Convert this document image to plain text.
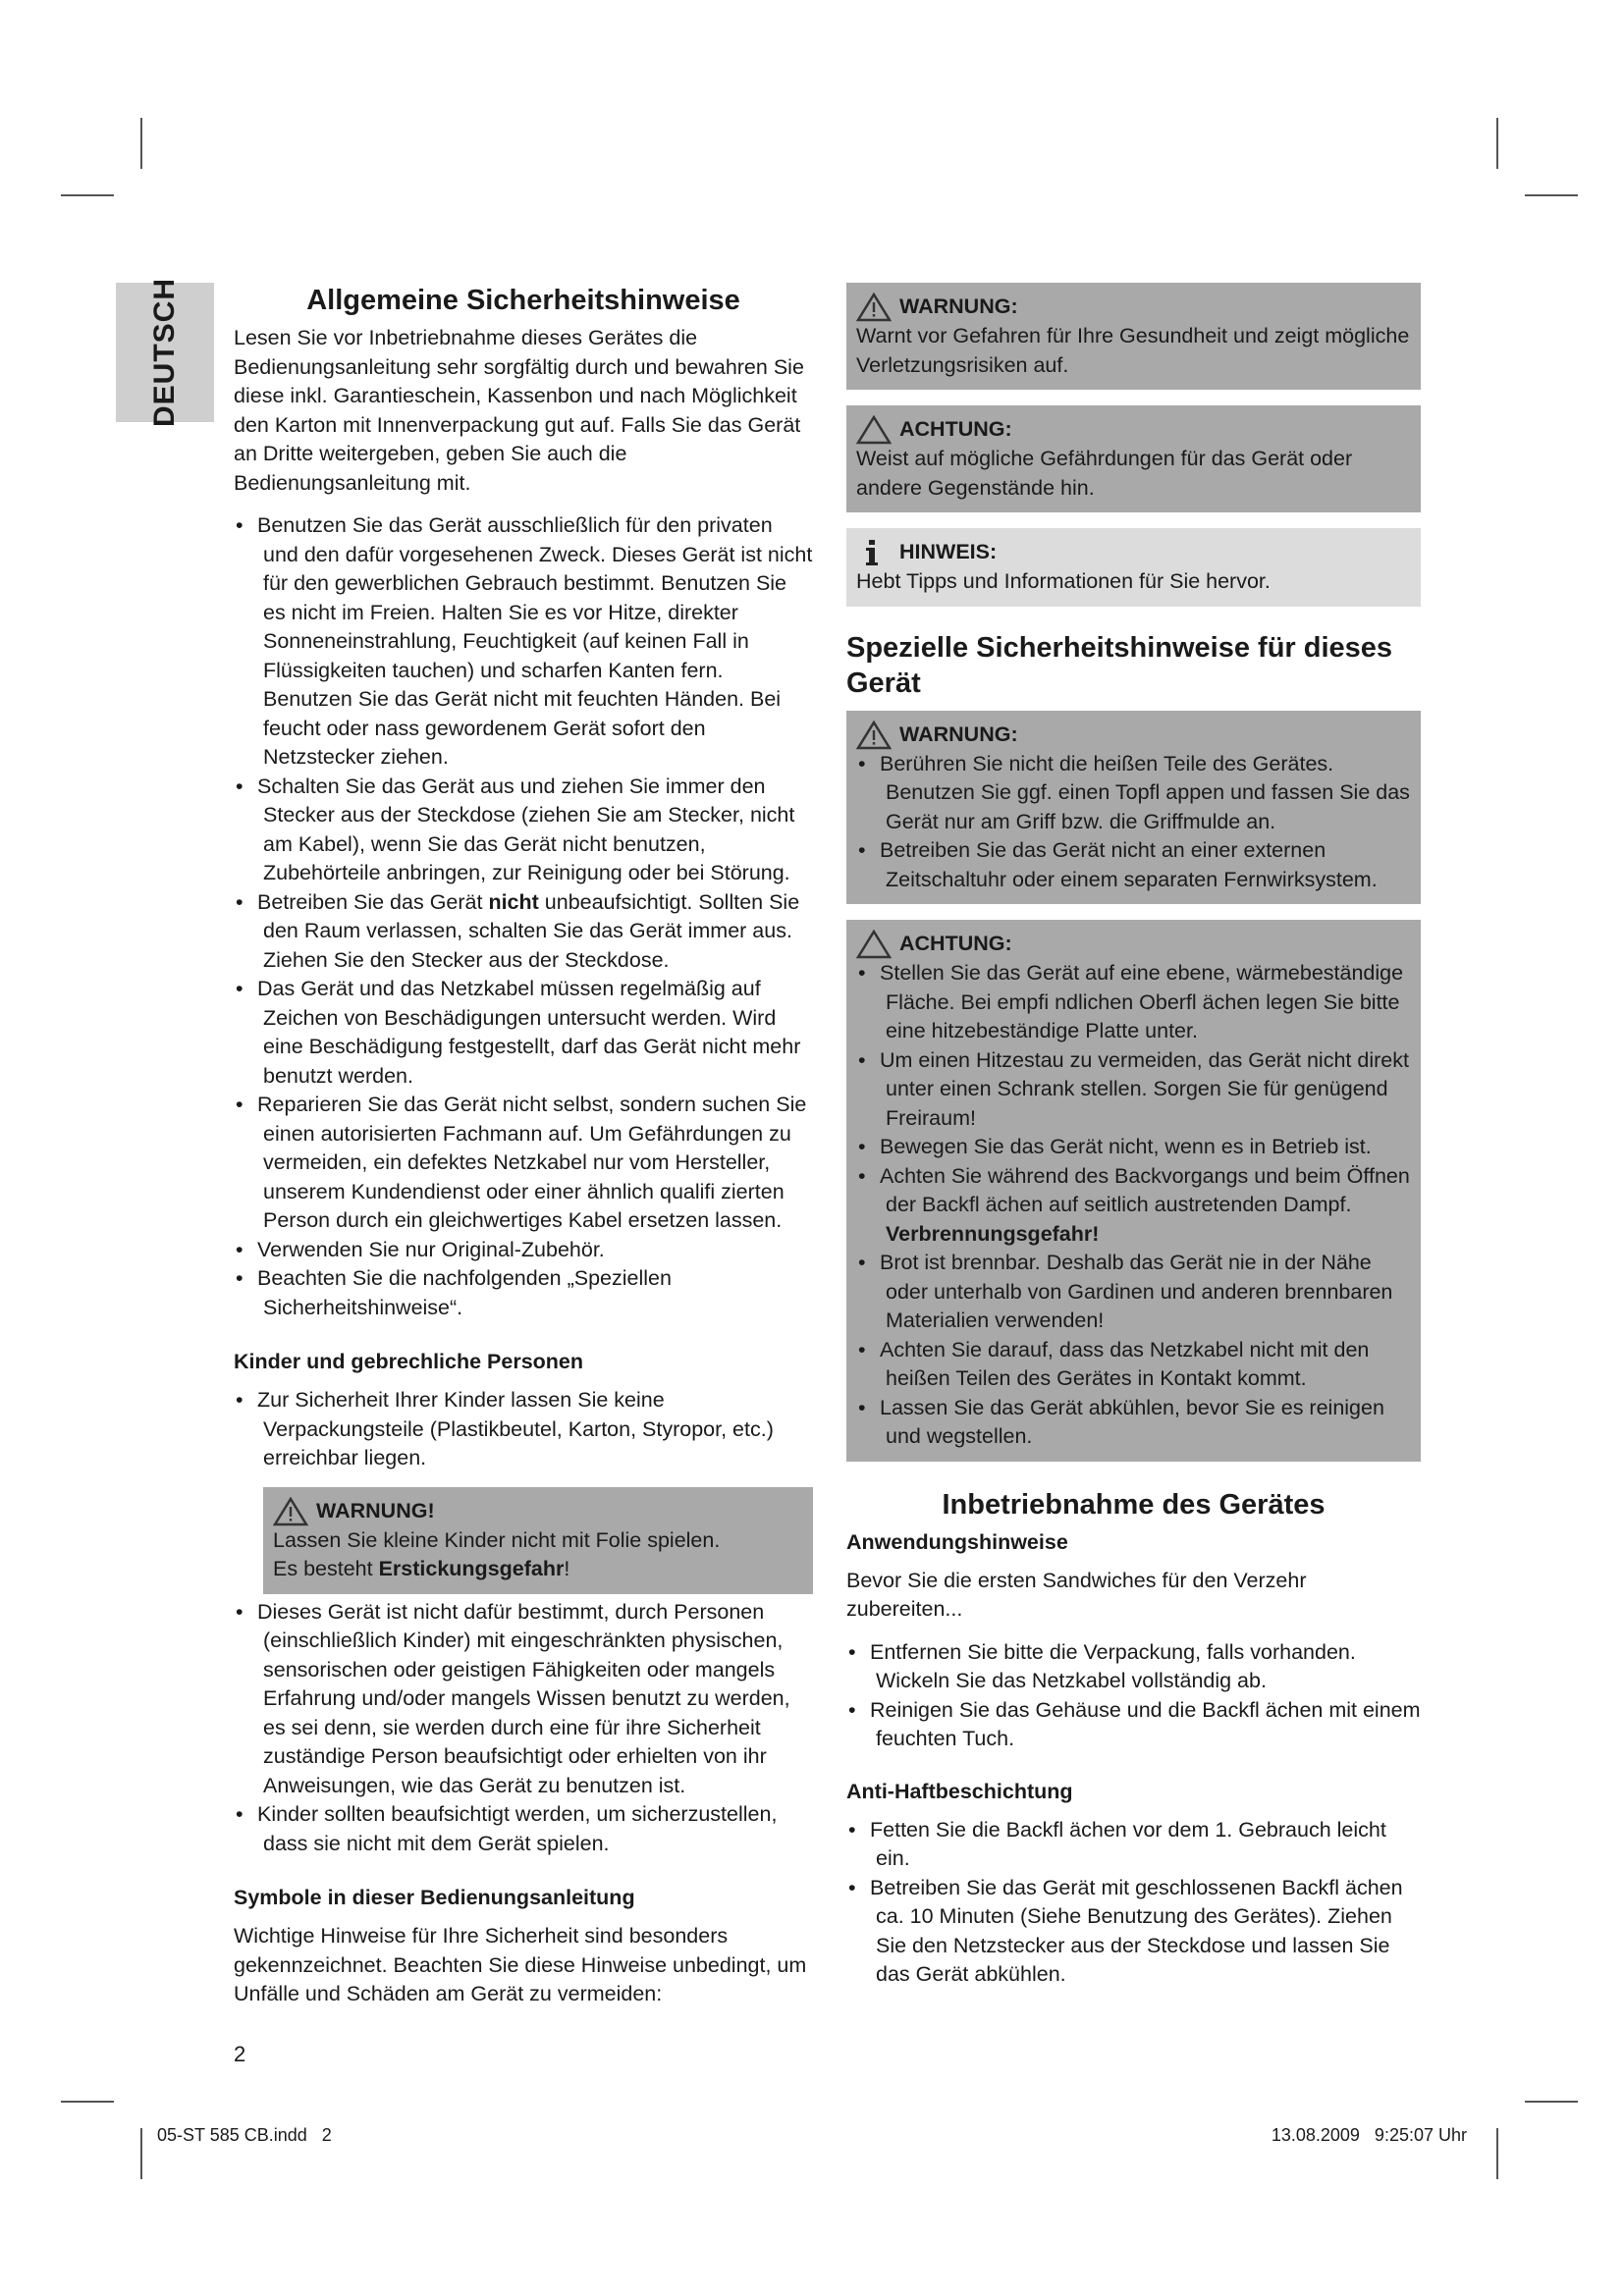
DEUTSCH	Allgemeine Sicherheitshinweise

Lesen Sie vor Inbetriebnahme dieses Gerätes die Bedienungsanleitung sehr sorgfältig durch und bewahren Sie diese inkl. Garantieschein, Kassenbon und nach Möglichkeit den Karton mit Innenverpackung gut auf. Falls Sie das Gerät an Dritte weitergeben, geben Sie auch die Bedienungsanleitung mit.

• Benutzen Sie das Gerät ausschließlich für den privaten und den dafür vorgesehenen Zweck. Dieses Gerät ist nicht für den gewerblichen Gebrauch bestimmt. Benutzen Sie es nicht im Freien. Halten Sie es vor Hitze, direkter Sonneneinstrahlung, Feuchtigkeit (auf keinen Fall in Flüssigkeiten tauchen) und scharfen Kanten fern. Benutzen Sie das Gerät nicht mit feuchten Händen. Bei feucht oder nass gewordenem Gerät sofort den Netzstecker ziehen.
• Schalten Sie das Gerät aus und ziehen Sie immer den Stecker aus der Steckdose (ziehen Sie am Stecker, nicht am Kabel), wenn Sie das Gerät nicht benutzen, Zubehörteile anbringen, zur Reinigung oder bei Störung.
• Betreiben Sie das Gerät nicht unbeaufsichtigt. Sollten Sie den Raum verlassen, schalten Sie das Gerät immer aus. Ziehen Sie den Stecker aus der Steckdose.
• Das Gerät und das Netzkabel müssen regelmäßig auf Zeichen von Beschädigungen untersucht werden. Wird eine Beschädigung festgestellt, darf das Gerät nicht mehr benutzt werden.
• Reparieren Sie das Gerät nicht selbst, sondern suchen Sie einen autorisierten Fachmann auf. Um Gefährdungen zu vermeiden, ein defektes Netzkabel nur vom Hersteller, unserem Kundendienst oder einer ähnlich qualifi zierten Person durch ein gleichwertiges Kabel ersetzen lassen.
• Verwenden Sie nur Original-Zubehör.
• Beachten Sie die nachfolgenden „Speziellen Sicherheitshinweise“.
Kinder und gebrechliche Personen
• Zur Sicherheit Ihrer Kinder lassen Sie keine Verpackungsteile (Plastikbeutel, Karton, Styropor, etc.) erreichbar liegen.
WARNUNG!

Lassen Sie kleine Kinder nicht mit Folie spielen.

Es besteht Erstickungsgefahr!

• Dieses Gerät ist nicht dafür bestimmt, durch Personen (einschließlich Kinder) mit eingeschränkten physischen, sensorischen oder geistigen Fähigkeiten oder mangels Erfahrung und/oder mangels Wissen benutzt zu werden, es sei denn, sie werden durch eine für ihre Sicherheit zuständige Person beaufsichtigt oder erhielten von ihr Anweisungen, wie das Gerät zu benutzen ist.
• Kinder sollten beaufsichtigt werden, um sicherzustellen, dass sie nicht mit dem Gerät spielen.
Symbole in dieser Bedienungsanleitung

Wichtige Hinweise für Ihre Sicherheit sind besonders gekennzeichnet. Beachten Sie diese Hinweise unbedingt, um Unfälle und Schäden am Gerät zu vermeiden:

WARNUNG:

Warnt vor Gefahren für Ihre Gesundheit und zeigt mögliche Verletzungsrisiken auf.

ACHTUNG:

Weist auf mögliche Gefährdungen für das Gerät oder andere Gegenstände hin.

HINWEIS:

Hebt Tipps und Informationen für Sie hervor.

Spezielle Sicherheitshinweise für dieses Gerät
WARNUNG:
• Berühren Sie nicht die heißen Teile des Gerätes. Benutzen Sie ggf. einen Topfl appen und fassen Sie das Gerät nur am Griff bzw. die Griffmulde an.
• Betreiben Sie das Gerät nicht an einer externen Zeitschaltuhr oder einem separaten Fernwirksystem.
ACHTUNG:
• Stellen Sie das Gerät auf eine ebene, wärmebeständige Fläche. Bei empfi ndlichen Oberfl ächen legen Sie bitte eine hitzebeständige Platte unter.
• Um einen Hitzestau zu vermeiden, das Gerät nicht direkt unter einen Schrank stellen. Sorgen Sie für genügend Freiraum!
• Bewegen Sie das Gerät nicht, wenn es in Betrieb ist.
• Achten Sie während des Backvorgangs und beim Öffnen der Backfl ächen auf seitlich austretenden Dampf. Verbrennungsgefahr!
• Brot ist brennbar. Deshalb das Gerät nie in der Nähe oder unterhalb von Gardinen und anderen brennbaren Materialien verwenden!
• Achten Sie darauf, dass das Netzkabel nicht mit den heißen Teilen des Gerätes in Kontakt kommt.
• Lassen Sie das Gerät abkühlen, bevor Sie es reinigen und wegstellen.
Inbetriebnahme des Gerätes
Anwendungshinweise

Bevor Sie die ersten Sandwiches für den Verzehr zubereiten...

• Entfernen Sie bitte die Verpackung, falls vorhanden. Wickeln Sie das Netzkabel vollständig ab.
• Reinigen Sie das Gehäuse und die Backfl ächen mit einem feuchten Tuch.
Anti-Haftbeschichtung
• Fetten Sie die Backfl ächen vor dem 1. Gebrauch leicht ein.
• Betreiben Sie das Gerät mit geschlossenen Backfl ächen ca. 10 Minuten (Siehe Benutzung des Gerätes). Ziehen Sie den Netzstecker aus der Steckdose und lassen Sie das Gerät abkühlen.
2
05-ST 585 CB.indd   2	13.08.2009   9:25:07 Uhr
